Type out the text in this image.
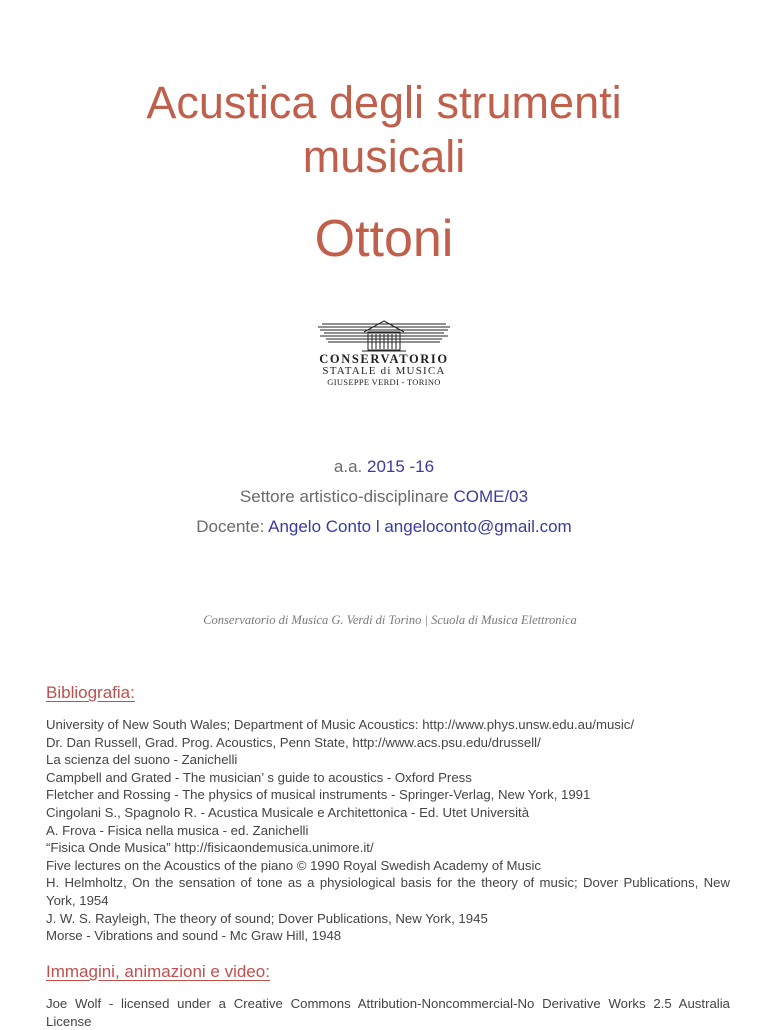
Acustica degli strumenti
musicali
Ottoni
CONSERVATORIO
STATALE di MUSICA
GIUSEPPE VERDI - TORINO
a.a. 2015 -16
Settore artistico-disciplinare COME/03
Docente: Angelo Conto l angeloconto@gmail.com
Conservatorio di Musica G. Verdi di Torino | Scuola di Musica Elettronica
Bibliografia:
University of New South Wales; Department of Music Acoustics: http://www.phys.unsw.edu.au/music/
Dr. Dan Russell, Grad. Prog. Acoustics, Penn State, http://www.acs.psu.edu/drussell/
La scienza del suono - Zanichelli
Campbell and Grated - The musician’ s guide to acoustics - Oxford Press
Fletcher and Rossing - The physics of musical instruments - Springer-Verlag, New York, 1991
Cingolani S., Spagnolo R. - Acustica Musicale e Architettonica - Ed. Utet Università
A. Frova - Fisica nella musica - ed. Zanichelli
“Fisica Onde Musica” http://fisicaondemusica.unimore.it/
Five lectures on the Acoustics of the piano © 1990 Royal Swedish Academy of Music
H. Helmholtz, On the sensation of tone as a physiological basis for the theory of music; Dover Publications, New York, 1954
J. W. S. Rayleigh, The theory of sound; Dover Publications, New York, 1945
Morse - Vibrations and sound - Mc Graw Hill, 1948
Immagini, animazioni e video:
Joe Wolf - licensed under a Creative Commons Attribution-Noncommercial-No Derivative Works 2.5 Australia License
